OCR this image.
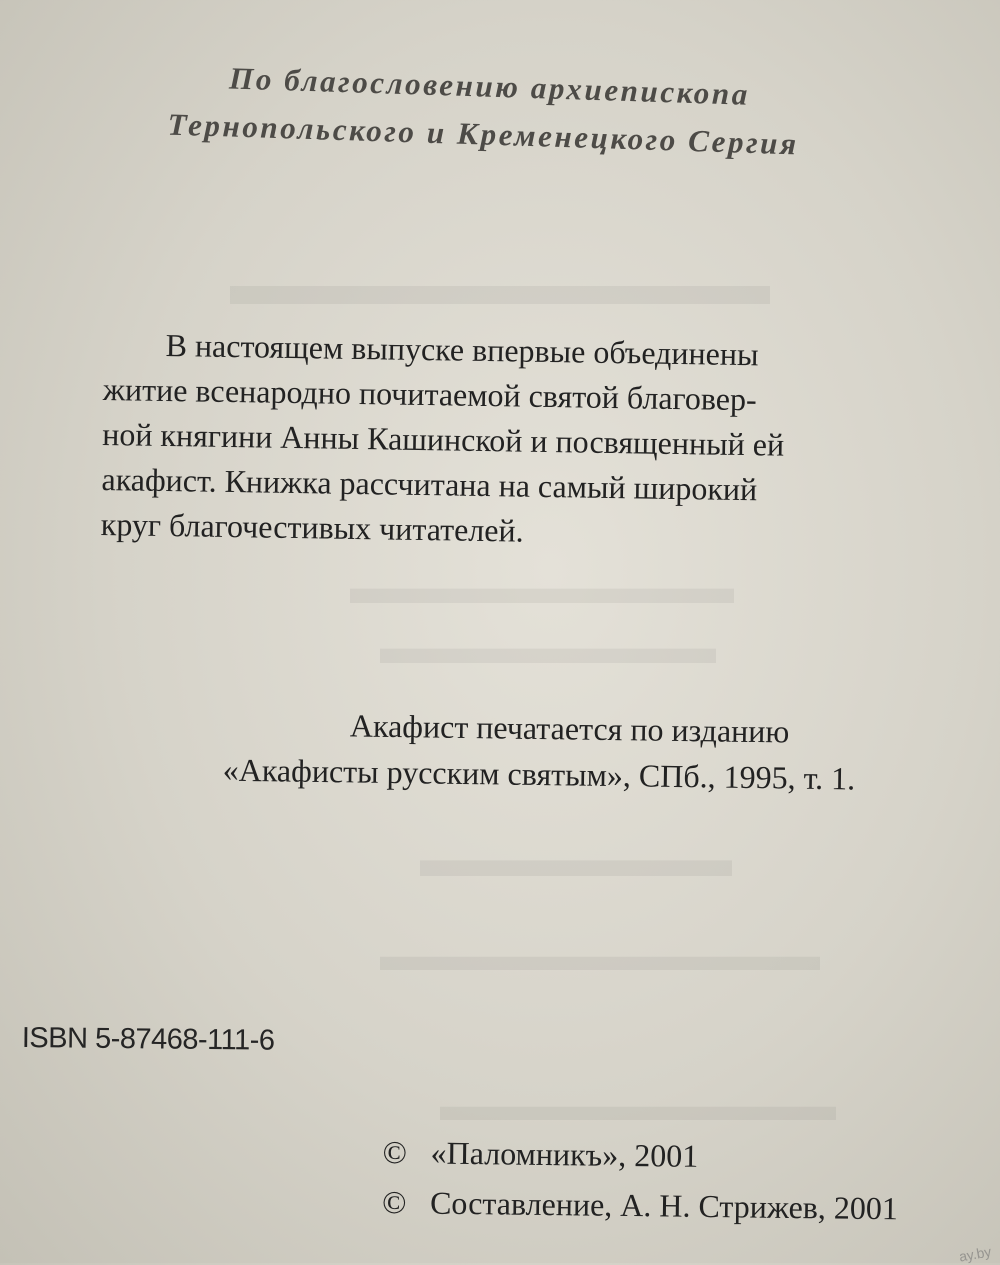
▬▬▬▬▬▬▬▬▬
▬▬▬▬▬▬▬▬
▬▬▬▬▬▬▬
▬▬▬▬▬▬
▬▬▬▬▬▬▬▬▬▬
▬▬▬▬▬▬▬▬▬
По благословению архиепископа
Тернопольского и Кременецкого Сергия
В настоящем выпуске впервые объединены
житие всенародно почитаемой святой благовер-
ной княгини Анны Кашинской и посвященный ей
акафист. Книжка рассчитана на самый широкий
круг благочестивых читателей.
Акафист печатается по изданию
«Акафисты русским святым», СПб., 1995, т. 1.
ISBN 5-87468-111-6
© «Паломникъ», 2001
© Составление, А. Н. Стрижев, 2001
ay.by
